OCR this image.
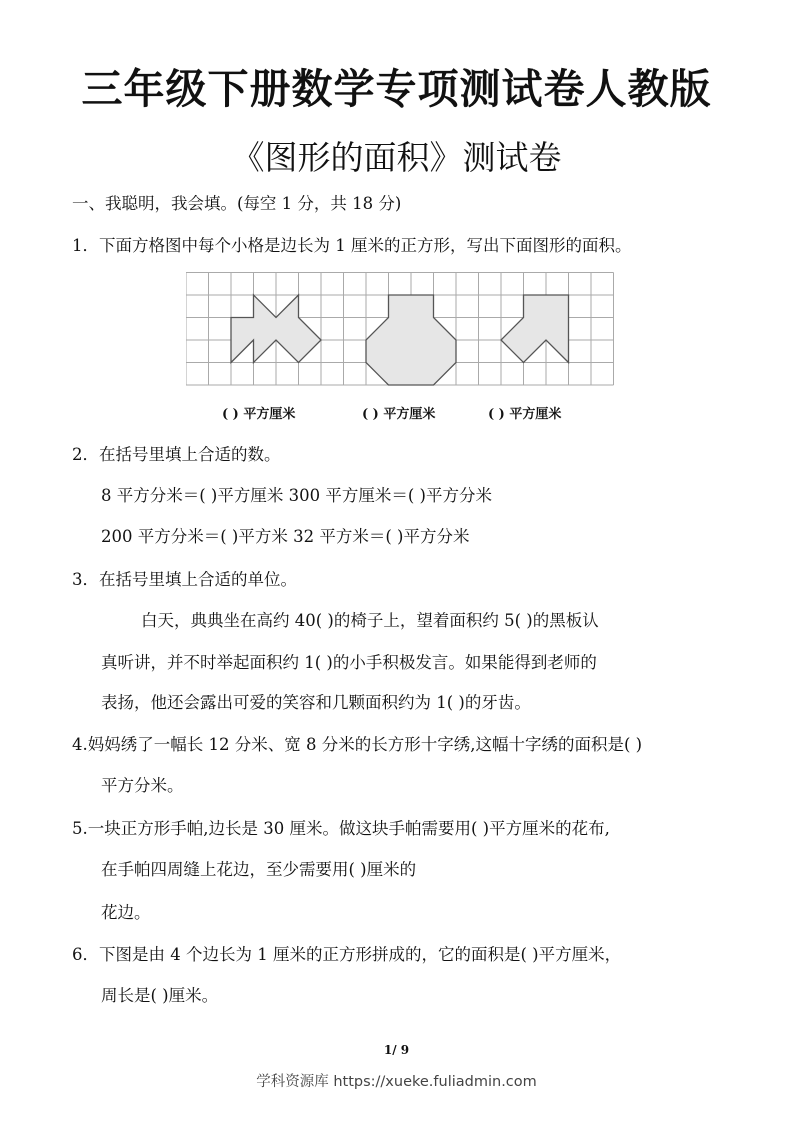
三年级下册数学专项测试卷人教版
《图形的面积》测试卷
一、我聪明，我会填。(每空 1 分，共 18 分)
1．下面方格图中每个小格是边长为 1 厘米的正方形，写出下面图形的面积。
( ) 平方厘米	( ) 平方厘米	( ) 平方厘米
2．在括号里填上合适的数。
8 平方分米＝( )平方厘米 300 平方厘米＝( )平方分米
200 平方分米＝( )平方米 32 平方米＝( )平方分米
3．在括号里填上合适的单位。
白天，典典坐在高约 40( )的椅子上，望着面积约 5( )的黑板认
真听讲，并不时举起面积约 1( )的小手积极发言。如果能得到老师的
表扬，他还会露出可爱的笑容和几颗面积约为 1( )的牙齿。
4.妈妈绣了一幅长 12 分米、宽 8 分米的长方形十字绣,这幅十字绣的面积是( )
平方分米。
5.一块正方形手帕,边长是 30 厘米。做这块手帕需要用( )平方厘米的花布,
在手帕四周缝上花边，至少需要用( )厘米的
花边。
6．下图是由 4 个边长为 1 厘米的正方形拼成的，它的面积是( )平方厘米，
周长是( )厘米。
1/ 9
学科资源库 https://xueke.fuliadmin.com
